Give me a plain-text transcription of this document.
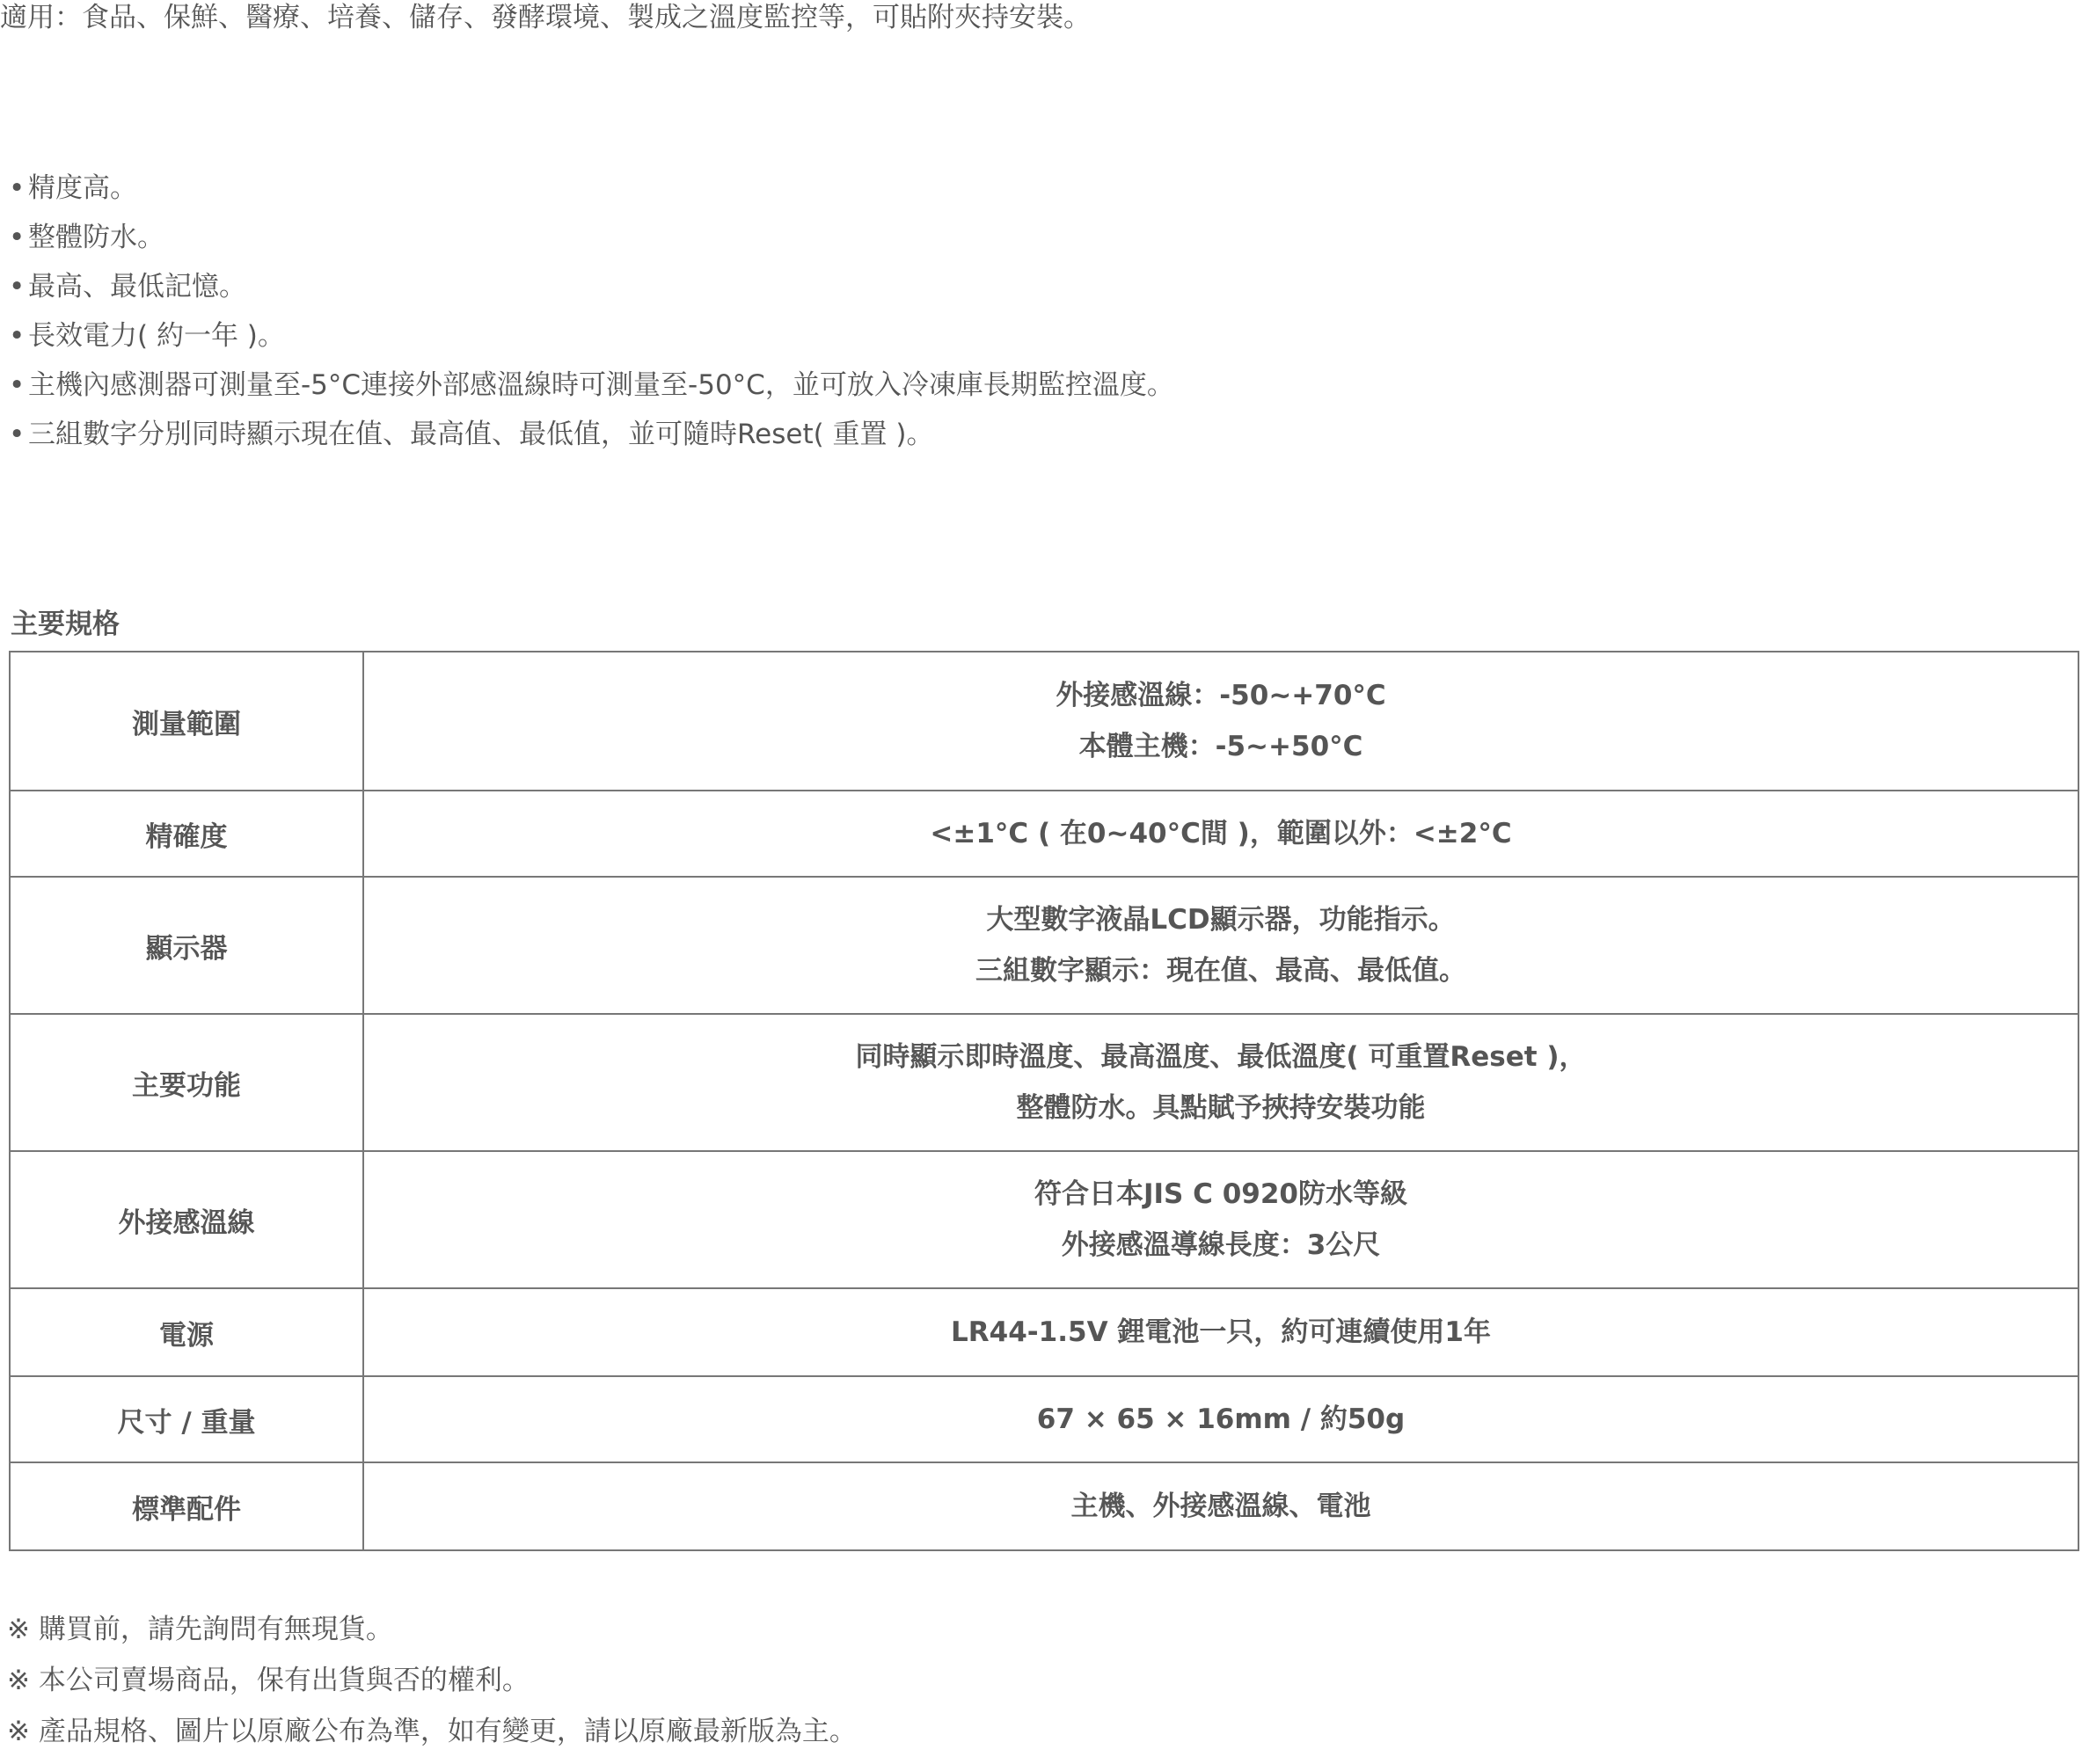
適用：食品、保鮮、醫療、培養、儲存、發酵環境、製成之溫度監控等，可貼附夾持安裝。
• 精度高。
• 整體防水。
• 最高、最低記憶。
• 長效電力( 約一年 )。
• 主機內感測器可測量至-5°C連接外部感溫線時可測量至-50°C，並可放入冷凍庫長期監控溫度。
• 三組數字分別同時顯示現在值、最高值、最低值，並可隨時Reset( 重置 )。
主要規格
測量範圍	外接感溫線：-50~+70°C
本體主機：-5~+50°C

精確度	<±1°C ( 在0~40°C間 )，範圍以外：<±2°C

顯示器	大型數字液晶LCD顯示器，功能指示。
三組數字顯示：現在值、最高、最低值。

主要功能	同時顯示即時溫度、最高溫度、最低溫度( 可重置Reset )，
整體防水。具點賦予挾持安裝功能

外接感溫線	符合日本JIS C 0920防水等級
外接感溫導線長度：3公尺

電源	LR44-1.5V 鋰電池一只，約可連續使用1年

尺寸 / 重量	67 × 65 × 16mm / 約50g

標準配件	主機、外接感溫線、電池
※ 購買前，請先詢問有無現貨。
※ 本公司賣場商品，保有出貨與否的權利。
※ 產品規格、圖片以原廠公布為準，如有變更，請以原廠最新版為主。
